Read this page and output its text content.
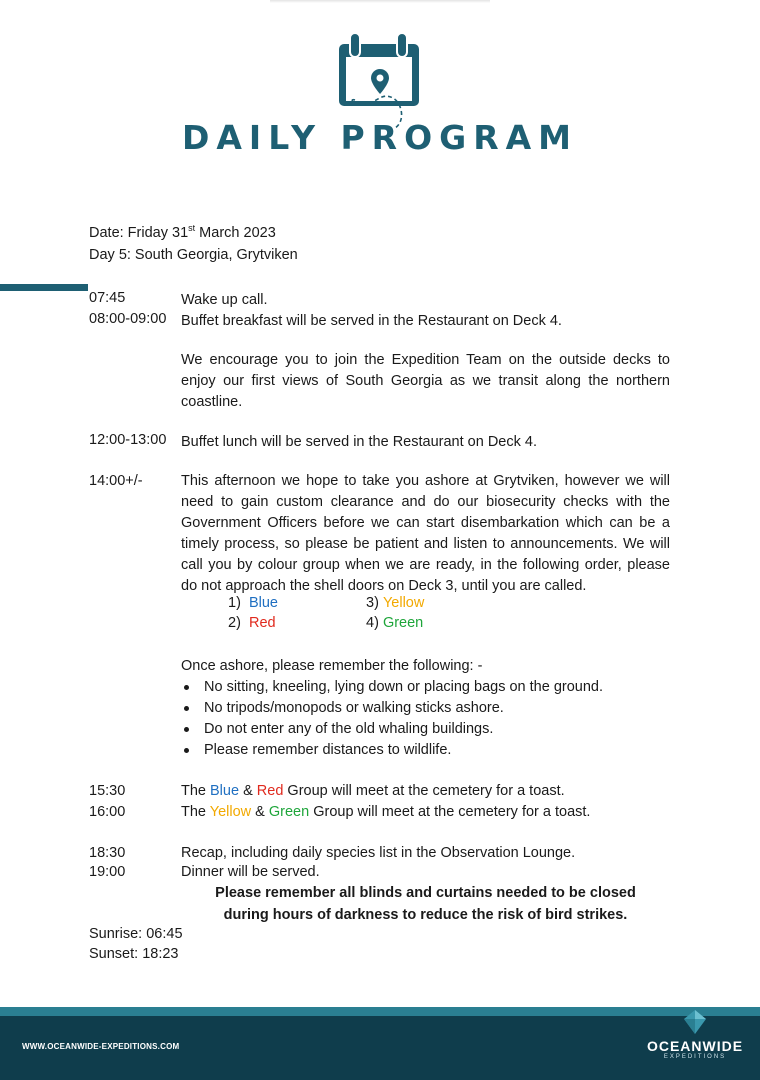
DAILY PROGRAM
Date: Friday 31st March 2023
Day 5: South Georgia, Grytviken
07:45	Wake up call.
08:00-09:00 Buffet breakfast will be served in the Restaurant on Deck 4.
We encourage you to join the Expedition Team on the outside decks to enjoy our first views of South Georgia as we transit along the northern coastline.
12:00-13:00 Buffet lunch will be served in the Restaurant on Deck 4.
14:00+/-	This afternoon we hope to take you ashore at Grytviken, however we will need to gain custom clearance and do our biosecurity checks with the Government Officers before we can start disembarkation which can be a timely process, so please be patient and listen to announcements. We will call you by colour group when we are ready, in the following order, please do not approach the shell doors on Deck 3, until you are called.
1) Blue
2) Red
3) Yellow
4) Green
Once ashore, please remember the following: -
No sitting, kneeling, lying down or placing bags on the ground.
No tripods/monopods or walking sticks ashore.
Do not enter any of the old whaling buildings.
Please remember distances to wildlife.
15:30	The Blue & Red Group will meet at the cemetery for a toast.
16:00	The Yellow & Green Group will meet at the cemetery for a toast.
18:30	Recap, including daily species list in the Observation Lounge.
19:00	Dinner will be served.
Please remember all blinds and curtains needed to be closed
during hours of darkness to reduce the risk of bird strikes.
Sunrise: 06:45
Sunset: 18:23
WWW.OCEANWIDE-EXPEDITIONS.COM	OCEANWIDE
EXPEDITIONS
